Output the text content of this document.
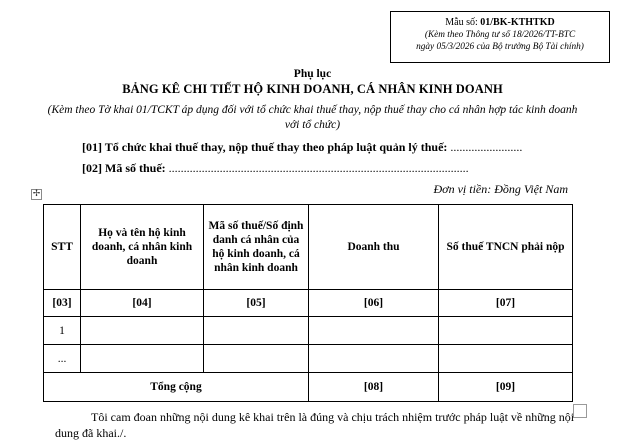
Mẫu số: 01/BK-KTHTKD
(Kèm theo Thông tư số 18/2026/TT-BTC
ngày 05/3/2026 của Bộ trưởng Bộ Tài chính)
Phụ lục
BẢNG KÊ CHI TIẾT HỘ KINH DOANH, CÁ NHÂN KINH DOANH
(Kèm theo Tờ khai 01/TCKT áp dụng đối với tổ chức khai thuế thay, nộp thuế thay cho cá nhân hợp tác kinh doanh với tổ chức)
[01] Tổ chức khai thuế thay, nộp thuế thay theo pháp luật quản lý thuế: ........................
[02] Mã số thuế: ....................................................................................................
Đơn vị tiền: Đồng Việt Nam
✢
STT	Họ và tên hộ kinh doanh, cá nhân kinh doanh	Mã số thuế/Số định danh cá nhân của hộ kinh doanh, cá nhân kinh doanh	Doanh thu	Số thuế TNCN phải nộp
[03]	[04]	[05]	[06]	[07]
1				
...				
Tổng cộng			[08]	[09]
Tôi cam đoan những nội dung kê khai trên là đúng và chịu trách nhiệm trước pháp luật về những nội dung đã khai./.
